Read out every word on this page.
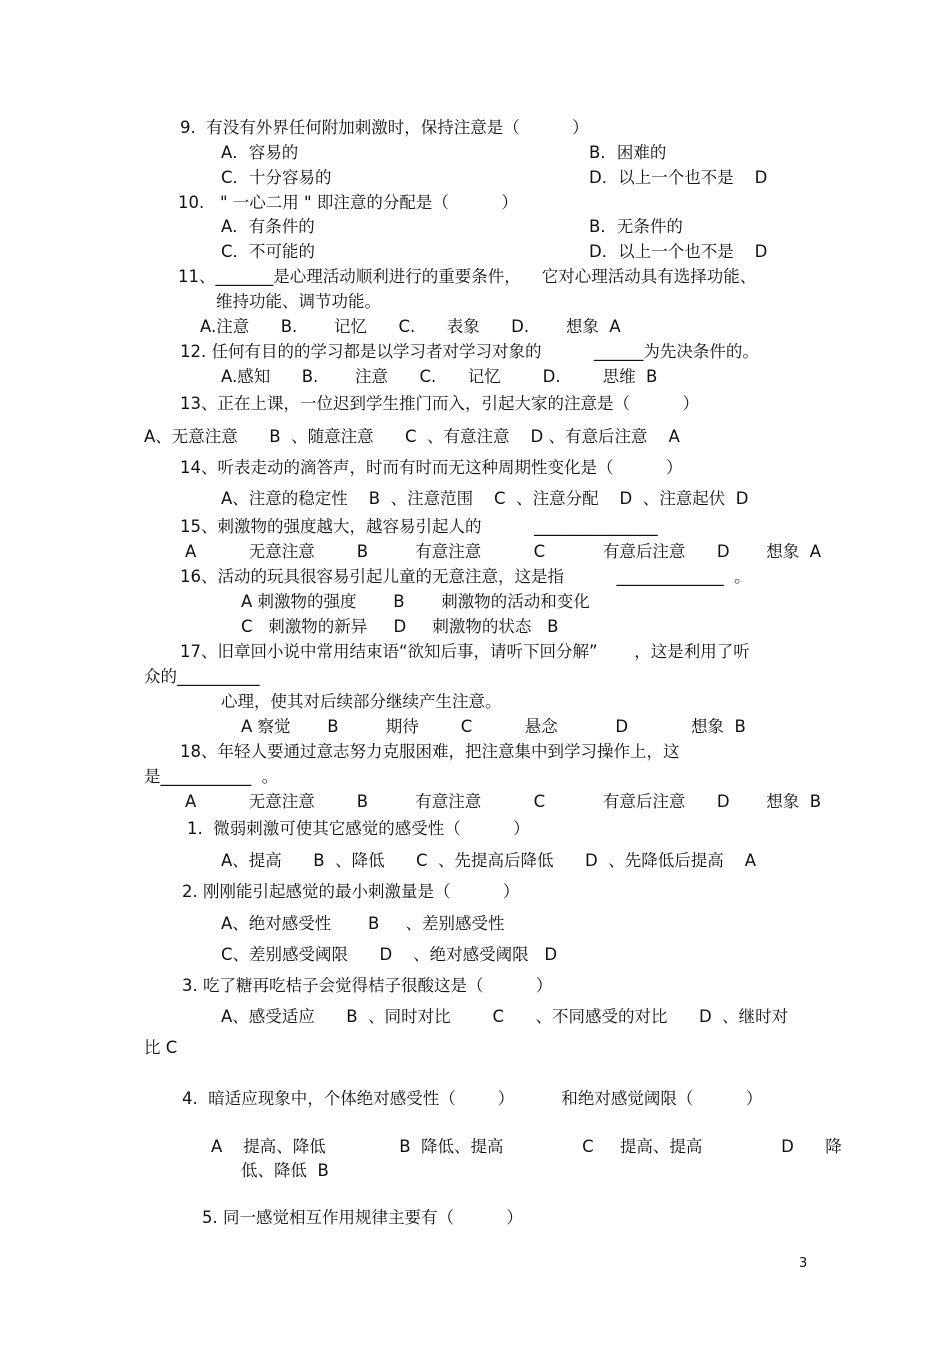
9.  有没有外界任何附加刺激时，保持注意是（          ）
A．容易的	B．困难的
C．十分容易的	D．以上一个也不是    D
10.   " 一心二用 " 即注意的分配是（          ）
A．有条件的	B．无条件的
C．不可能的	D．以上一个也不是    D
11、_______是心理活动顺利进行的重要条件，    它对心理活动具有选择功能、
维持功能、调节功能。
A.注意      B.       记忆      C.      表象      D.       想象  A
12. 任何有目的的学习都是以学习者对学习对象的          ______为先决条件的。
A.感知      B.       注意      C.      记忆        D.        思维  B
13、正在上课，一位迟到学生推门而入，引起大家的注意是（          ）
A、无意注意      B  、随意注意      C  、有意注意    D 、有意后注意    A
14、听表走动的滴答声，时而有时而无这种周期性变化是（          ）
A、注意的稳定性    B  、注意范围    C  、注意分配    D  、注意起伏  D
15、刺激物的强度越大，越容易引起人的          _______________
A          无意注意        B         有意注意          C           有意后注意      D       想象  A
16、活动的玩具很容易引起儿童的无意注意，这是指          _____________  。
A 刺激物的强度       B       刺激物的活动和变化
C   刺激物的新异     D     刺激物的状态   B
17、旧章回小说中常用结束语“欲知后事，请听下回分解”       ，这是利用了听
众的__________
心理，使其对后续部分继续产生注意。
A 察觉       B         期待        C          悬念           D            想象  B
18、年轻人要通过意志努力克服困难，把注意集中到学习操作上，这
是___________  。
A          无意注意        B         有意注意          C           有意后注意      D       想象  B
1.  微弱刺激可使其它感觉的感受性（          ）
A、提高      B  、降低      C  、先提高后降低      D  、先降低后提高    A
2. 刚刚能引起感觉的最小刺激量是（          ）
A、绝对感受性       B     、差别感受性
C、差别感受阈限      D    、绝对感受阈限   D
3. 吃了糖再吃桔子会觉得桔子很酸这是（          ）
A、感受适应      B  、同时对比        C      、不同感受的对比      D  、继时对
比 C
4.  暗适应现象中，个体绝对感受性（        ）         和绝对感觉阈限（          ）
A    提高、降低              B  降低、提高               C     提高、提高               D      降
低、降低  B
5. 同一感觉相互作用规律主要有（          ）
3
